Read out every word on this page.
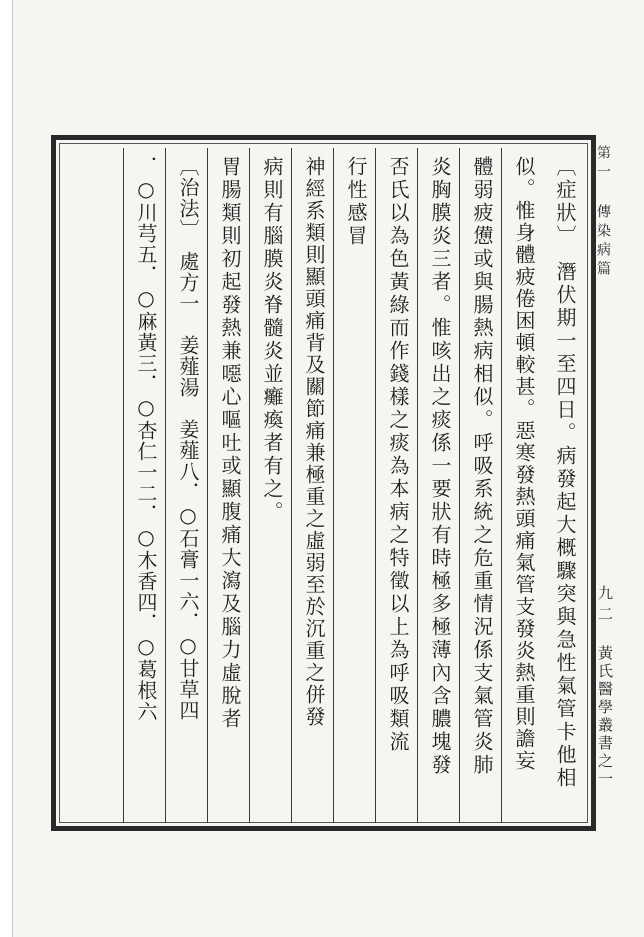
第一 傳染病篇
九二
黃氏醫學叢書之一
〔症狀〕　潛伏期一至四日。病發起大概驟突與急性氣管卡他相
似。惟身體疲倦困頓較甚。惡寒發熱頭痛氣管支發炎熱重則譫妄
體弱疲憊或與腸熱病相似。呼吸系統之危重情況係支氣管炎肺
炎胸膜炎三者。惟咳出之痰係一要狀有時極多極薄內含膿塊發
否氏以為色黃綠而作錢樣之痰為本病之特徵以上為呼吸類流
行性感冒
神經系類則顯頭痛背及關節痛兼極重之虛弱至於沉重之併發
病則有腦膜炎脊髓炎並癱瘓者有之。
胃腸類則初起發熱兼噁心嘔吐或顯腹痛大瀉及腦力虛脫者
〔治法〕　處方一　姜薤湯　姜薤八．○石膏一六．○甘草四
．○川芎五．○麻黃三．○杏仁一二．○木香四．○葛根六
